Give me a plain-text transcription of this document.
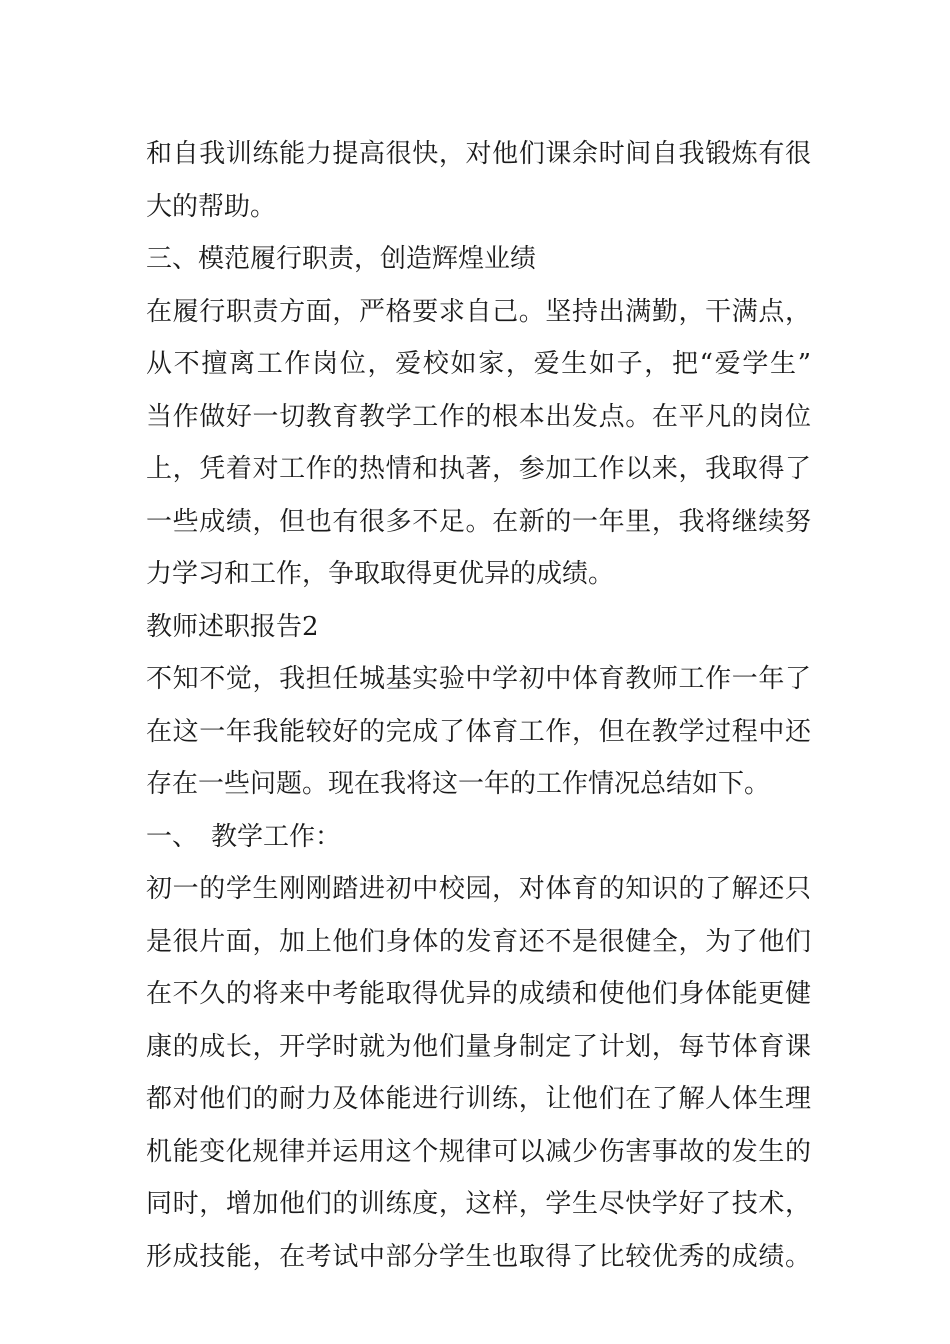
和自我训练能力提高很快，对他们课余时间自我锻炼有很

大的帮助。

三、模范履行职责，创造辉煌业绩

在履行职责方面，严格要求自己。坚持出满勤，干满点，

从不擅离工作岗位，爱校如家，爱生如子，把“爱学生”

当作做好一切教育教学工作的根本出发点。在平凡的岗位

上，凭着对工作的热情和执著，参加工作以来，我取得了

一些成绩，但也有很多不足。在新的一年里，我将继续努

力学习和工作，争取取得更优异的成绩。

教师述职报告2

不知不觉，我担任城基实验中学初中体育教师工作一年了

在这一年我能较好的完成了体育工作，但在教学过程中还

存在一些问题。现在我将这一年的工作情况总结如下。

一、　教学工作：

初一的学生刚刚踏进初中校园，对体育的知识的了解还只

是很片面，加上他们身体的发育还不是很健全，为了他们

在不久的将来中考能取得优异的成绩和使他们身体能更健

康的成长，开学时就为他们量身制定了计划，每节体育课

都对他们的耐力及体能进行训练，让他们在了解人体生理

机能变化规律并运用这个规律可以减少伤害事故的发生的

同时，增加他们的训练度，这样，学生尽快学好了技术，

形成技能，在考试中部分学生也取得了比较优秀的成绩。
